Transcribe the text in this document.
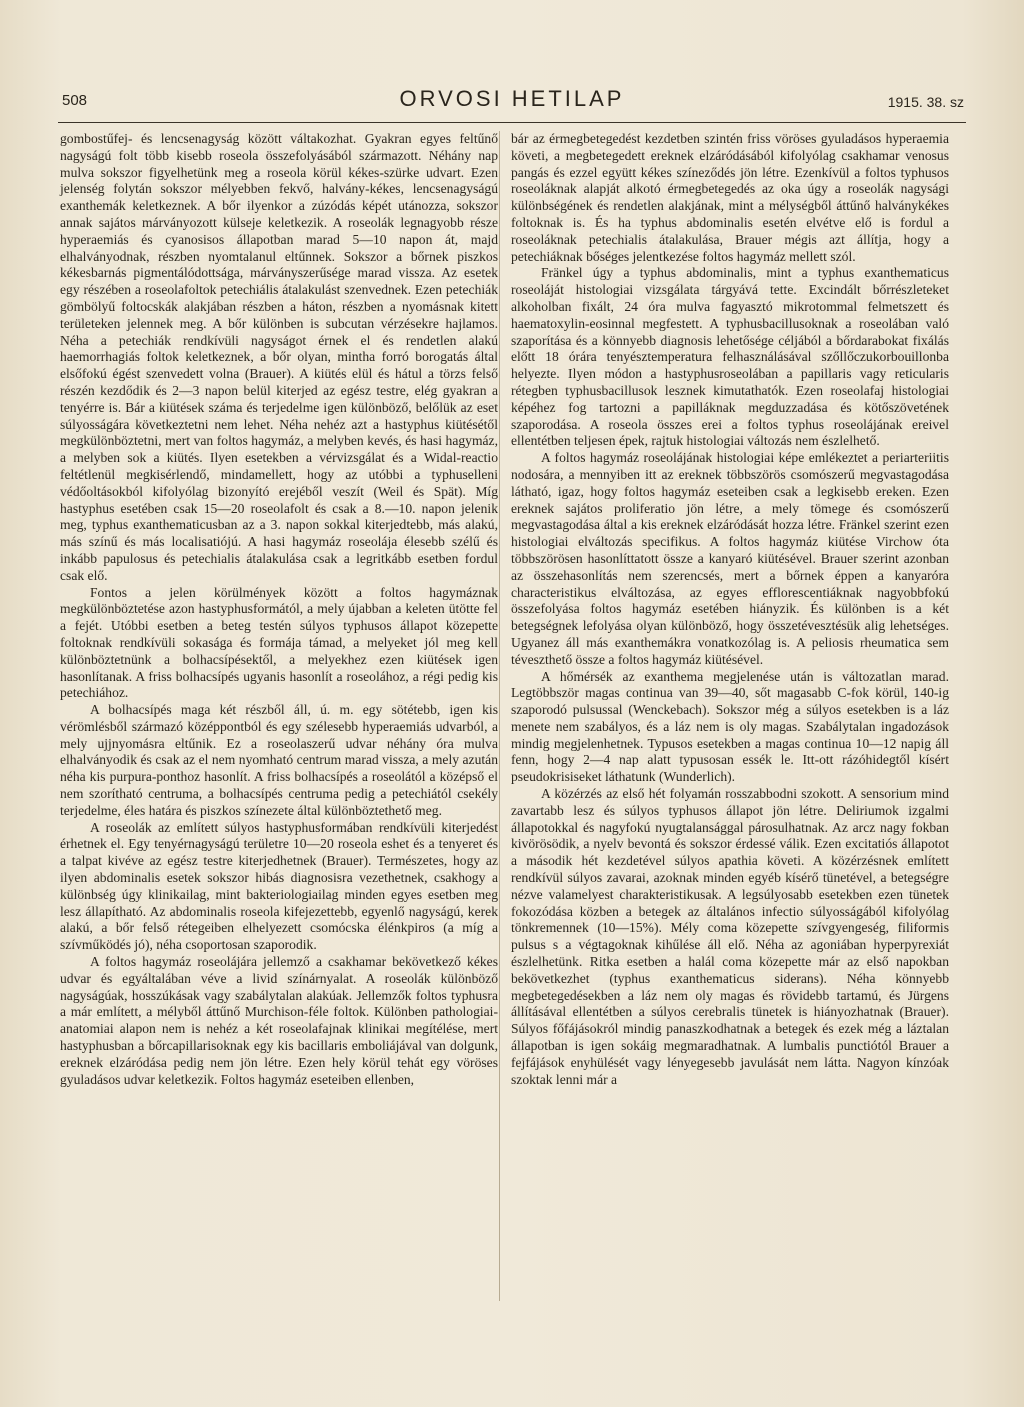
508	ORVOSI HETILAP	1915. 38. sz

gombostűfej- és lencsenagyság között váltakozhat. Gyakran egyes feltűnő nagyságú folt több kisebb roseola összefolyásából származott. Néhány nap mulva sokszor figyelhetünk meg a roseola körül kékes-szürke udvart. Ezen jelenség folytán sokszor mélyebben fekvő, halvány-kékes, lencsenagyságú exanthemák keletkeznek. A bőr ilyenkor a zúzódás képét utánozza, sokszor annak sajátos márványozott külseje keletkezik. A roseolák legnagyobb része hyperaemiás és cyanosisos állapotban marad 5—10 napon át, majd elhalványodnak, részben nyomtalanul eltűnnek. Sokszor a bőrnek piszkos kékesbarnás pigmentálódottsága, márványszerűsége marad vissza. Az esetek egy részében a roseolafoltok petechiális átalakulást szenvednek. Ezen petechiák gömbölyű foltocskák alakjában részben a háton, részben a nyomásnak kitett területeken jelennek meg. A bőr különben is subcutan vérzésekre hajlamos. Néha a petechiák rendkívüli nagyságot érnek el és rendetlen alakú haemorrhagiás foltok keletkeznek, a bőr olyan, mintha forró borogatás által elsőfokú égést szenvedett volna (Brauer). A kiütés elül és hátul a törzs felső részén kezdődik és 2—3 napon belül kiterjed az egész testre, elég gyakran a tenyérre is. Bár a kiütések száma és terjedelme igen különböző, belőlük az eset súlyosságára következtetni nem lehet. Néha nehéz azt a hastyphus kiütésétől megkülönböztetni, mert van foltos hagymáz, a melyben kevés, és hasi hagymáz, a melyben sok a kiütés. Ilyen esetekben a vérvizsgálat és a Widal-reactio feltétlenül megkisérlendő, mindamellett, hogy az utóbbi a typhuselleni védőoltásokból kifolyólag bizonyító erejéből veszít (Weil és Spät). Míg hastyphus esetében csak 15—20 roseolafolt és csak a 8.—10. napon jelenik meg, typhus exanthematicusban az a 3. napon sokkal kiterjedtebb, más alakú, más színű és más localisatiójú. A hasi hagymáz roseolája élesebb szélű és inkább papulosus és petechialis átalakulása csak a legritkább esetben fordul csak elő.

Fontos a jelen körülmények között a foltos hagymáznak megkülönböztetése azon hastyphusformától, a mely újabban a keleten ütötte fel a fejét. Utóbbi esetben a beteg testén súlyos typhusos állapot közepette foltoknak rendkívüli sokasága és formája támad, a melyeket jól meg kell különböztetnünk a bolhacsípésektől, a melyekhez ezen kiütések igen hasonlítanak. A friss bolhacsípés ugyanis hasonlít a roseolához, a régi pedig kis petechiához.

A bolhacsípés maga két részből áll, ú. m. egy sötétebb, igen kis vérömlésből származó középpontból és egy szélesebb hyperaemiás udvarból, a mely ujjnyomásra eltűnik. Ez a roseolaszerű udvar néhány óra mulva elhalványodik és csak az el nem nyomható centrum marad vissza, a mely azután néha kis purpura-ponthoz hasonlít. A friss bolhacsípés a roseolától a középső el nem szorítható centruma, a bolhacsípés centruma pedig a petechiától csekély terjedelme, éles határa és piszkos színezete által különböztethető meg.

A roseolák az említett súlyos hastyphusformában rendkívüli kiterjedést érhetnek el. Egy tenyérnagyságú területre 10—20 roseola eshet és a tenyeret és a talpat kivéve az egész testre kiterjedhetnek (Brauer). Természetes, hogy az ilyen abdominalis esetek sokszor hibás diagnosisra vezethetnek, csakhogy a különbség úgy klinikailag, mint bakteriologiailag minden egyes esetben meg lesz állapítható. Az abdominalis roseola kifejezettebb, egyenlő nagyságú, kerek alakú, a bőr felső rétegeiben elhelyezett csomócska élénkpiros (a míg a szívműködés jó), néha csoportosan szaporodik.

A foltos hagymáz roseolájára jellemző a csakhamar bekövetkező kékes udvar és egyáltalában véve a livid színárnyalat. A roseolák különböző nagyságúak, hosszúkásak vagy szabálytalan alakúak. Jellemzők foltos typhusra a már említett, a mélyből áttűnő Murchison-féle foltok. Különben pathologiai-anatomiai alapon nem is nehéz a két roseolafajnak klinikai megítélése, mert hastyphusban a bőrcapillarisoknak egy kis bacillaris emboliájával van dolgunk, ereknek elzáródása pedig nem jön létre. Ezen hely körül tehát egy vöröses gyuladásos udvar keletkezik. Foltos hagymáz eseteiben ellenben,

bár az érmegbetegedést kezdetben szintén friss vöröses gyuladásos hyperaemia követi, a megbetegedett ereknek elzáródásából kifolyólag csakhamar venosus pangás és ezzel együtt kékes színeződés jön létre. Ezenkívül a foltos typhusos roseoláknak alapját alkotó érmegbetegedés az oka úgy a roseolák nagysági különbségének és rendetlen alakjának, mint a mélységből áttűnő halványkékes foltoknak is. És ha typhus abdominalis esetén elvétve elő is fordul a roseoláknak petechialis átalakulása, Brauer mégis azt állítja, hogy a petechiáknak bőséges jelentkezése foltos hagymáz mellett szól.

Fränkel úgy a typhus abdominalis, mint a typhus exanthematicus roseoláját histologiai vizsgálata tárgyává tette. Excindált bőrrészleteket alkoholban fixált, 24 óra mulva fagyasztó mikrotommal felmetszett és haematoxylin-eosinnal megfestett. A typhusbacillusoknak a roseolában való szaporítása és a könnyebb diagnosis lehetősége céljából a bőrdarabokat fixálás előtt 18 órára tenyésztemperatura felhasználásával szőllőczukorbouillonba helyezte. Ilyen módon a hastyphusroseolában a papillaris vagy reticularis rétegben typhusbacillusok lesznek kimutathatók. Ezen roseolafaj histologiai képéhez fog tartozni a papilláknak megduzzadása és kötőszövetének szaporodása. A roseola összes erei a foltos typhus roseolájának ereivel ellentétben teljesen épek, rajtuk histologiai változás nem észlelhető.

A foltos hagymáz roseolájának histologiai képe emlékeztet a periarteriitis nodosára, a mennyiben itt az ereknek többszörös csomószerű megvastagodása látható, igaz, hogy foltos hagymáz eseteiben csak a legkisebb ereken. Ezen ereknek sajátos proliferatio jön létre, a mely tömege és csomószerű megvastagodása által a kis ereknek elzáródását hozza létre. Fränkel szerint ezen histologiai elváltozás specifikus. A foltos hagymáz kiütése Virchow óta többszörösen hasonlíttatott össze a kanyaró kiütésével. Brauer szerint azonban az összehasonlítás nem szerencsés, mert a bőrnek éppen a kanyaróra characteristikus elváltozása, az egyes efflorescentiáknak nagyobbfokú összefolyása foltos hagymáz esetében hiányzik. És különben is a két betegségnek lefolyása olyan különböző, hogy összetévesztésük alig lehetséges. Ugyanez áll más exanthemákra vonatkozólag is. A peliosis rheumatica sem téveszthető össze a foltos hagymáz kiütésével.

A hőmérsék az exanthema megjelenése után is változatlan marad. Legtöbbször magas continua van 39—40, sőt magasabb C-fok körül, 140-ig szaporodó pulsussal (Wenckebach). Sokszor még a súlyos esetekben is a láz menete nem szabályos, és a láz nem is oly magas. Szabálytalan ingadozások mindig megjelenhetnek. Typusos esetekben a magas continua 10—12 napig áll fenn, hogy 2—4 nap alatt typusosan essék le. Itt-ott rázóhidegtől kísért pseudokrisiseket láthatunk (Wunderlich).

A közérzés az első hét folyamán rosszabbodni szokott. A sensorium mind zavartabb lesz és súlyos typhusos állapot jön létre. Deliriumok izgalmi állapotokkal és nagyfokú nyugtalansággal párosulhatnak. Az arcz nagy fokban kivörösödik, a nyelv bevontá és sokszor érdessé válik. Ezen excitatiós állapotot a második hét kezdetével súlyos apathia követi. A közérzésnek említett rendkívül súlyos zavarai, azoknak minden egyéb kísérő tünetével, a betegségre nézve valamelyest charakteristikusak. A legsúlyosabb esetekben ezen tünetek fokozódása közben a betegek az általános infectio súlyosságából kifolyólag tönkremennek (10—15%). Mély coma közepette szívgyengeség, filiformis pulsus s a végtagoknak kihűlése áll elő. Néha az agoniában hyperpyrexiát észlelhetünk. Ritka esetben a halál coma közepette már az első napokban bekövetkezhet (typhus exanthematicus siderans). Néha könnyebb megbetegedésekben a láz nem oly magas és rövidebb tartamú, és Jürgens állításával ellentétben a súlyos cerebralis tünetek is hiányozhatnak (Brauer). Súlyos főfájásokról mindig panaszkodhatnak a betegek és ezek még a láztalan állapotban is igen sokáig megmaradhatnak. A lumbalis punctiótól Brauer a fejfájások enyhülését vagy lényegesebb javulását nem látta. Nagyon kínzóak szoktak lenni már a
